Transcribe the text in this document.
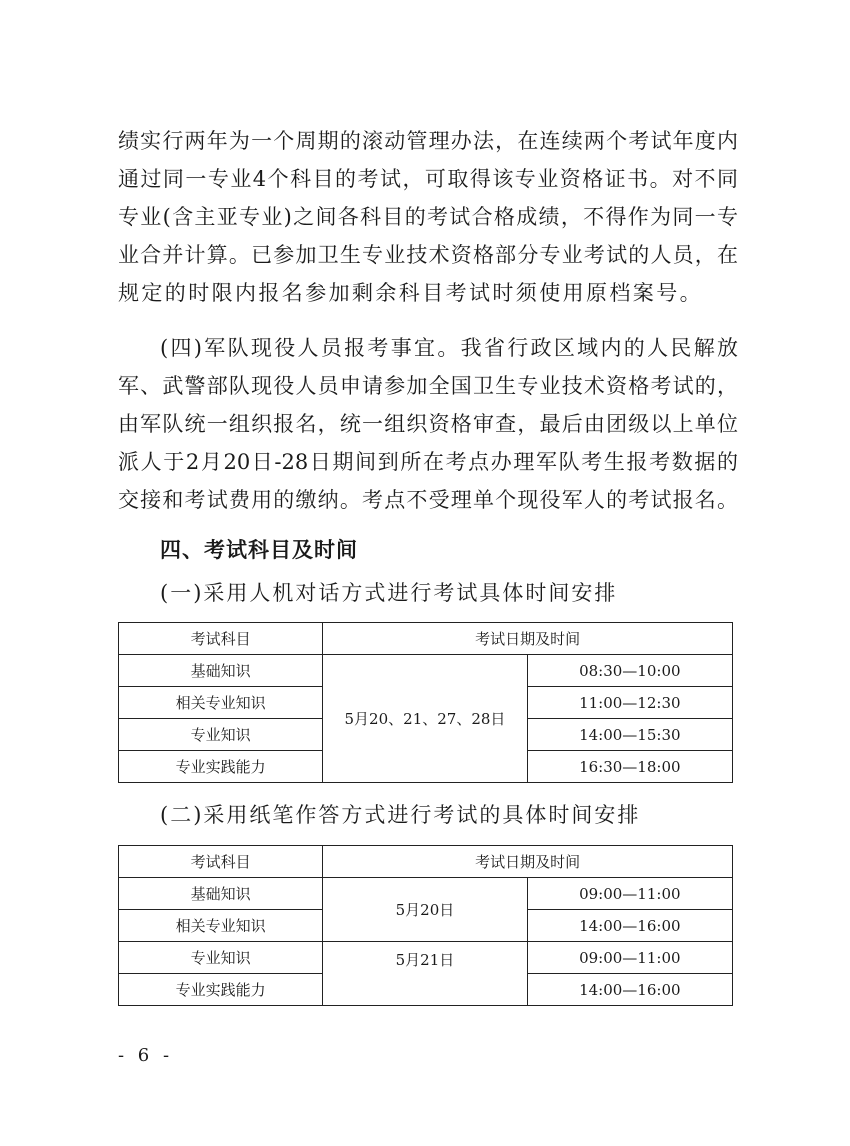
绩实行两年为一个周期的滚动管理办法，在连续两个考试年度内
通过同一专业4个科目的考试，可取得该专业资格证书。对不同
专业(含主亚专业)之间各科目的考试合格成绩，不得作为同一专
业合并计算。已参加卫生专业技术资格部分专业考试的人员，在
规定的时限内报名参加剩余科目考试时须使用原档案号。
(四)军队现役人员报考事宜。我省行政区域内的人民解放
军、武警部队现役人员申请参加全国卫生专业技术资格考试的，
由军队统一组织报名，统一组织资格审查，最后由团级以上单位
派人于2月20日-28日期间到所在考点办理军队考生报考数据的
交接和考试费用的缴纳。考点不受理单个现役军人的考试报名。
四、考试科目及时间
(一)采用人机对话方式进行考试具体时间安排
考试科目	考试日期及时间	
基础知识	5月20、21、27、28日	08:30—10:00
相关专业知识		11:00—12:30
专业知识		14:00—15:30
专业实践能力		16:30—18:00
(二)采用纸笔作答方式进行考试的具体时间安排
考试科目	考试日期及时间	
基础知识	5月20日	09:00—11:00
相关专业知识		14:00—16:00
专业知识	5月21日	09:00—11:00
专业实践能力		14:00—16:00
- 6 -
